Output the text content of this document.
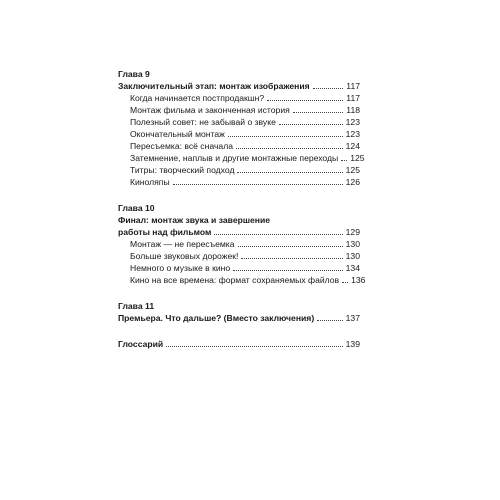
Глава 9
Заключительный этап: монтаж изображения	117
Когда начинается постпродакшн?	117
Монтаж фильма и законченная история	118
Полезный совет: не забывай о звуке	123
Окончательный монтаж	123
Пересъемка: всё сначала	124
Затемнение, наплыв и другие монтажные переходы 125
Титры: творческий подход	125
Киноляпы	126
Глава 10
Финал: монтаж звука и завершение
работы над фильмом	129
Монтаж — не пересъемка	130
Больше звуковых дорожек!	130
Немного о музыке в кино	134
Кино на все времена: формат сохраняемых файлов 136
Глава 11
Премьера. Что дальше? (Вместо заключения)	137
Глоссарий	139
